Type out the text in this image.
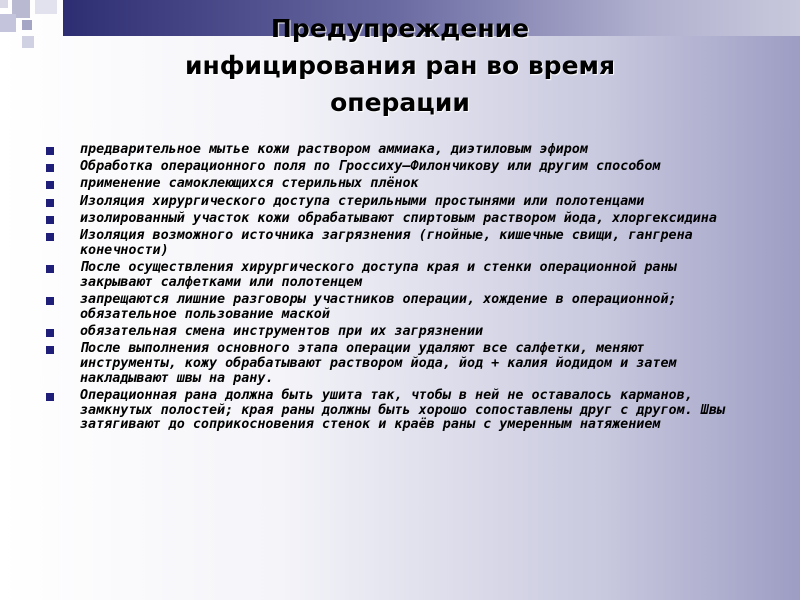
Предупреждение
инфицирования ран во время
операции
предварительное мытье кожи раствором аммиака, диэтиловым эфиром
Обработка операционного поля по Гроссиху—Филончикову или другим способом
применение самоклеющихся стерильных плёнок
Изоляция хирургического доступа стерильными простынями или полотенцами
изолированный участок кожи обрабатывают спиртовым раствором йода, хлоргексидина
Изоляция возможного источника загрязнения (гнойные, кишечные свищи, гангрена конечности)
После осуществления хирургического доступа края и стенки операционной раны закрывают салфетками или полотенцем
запрещаются лишние разговоры участников операции, хождение в операционной; обязательное пользование маской
обязательная смена инструментов при их загрязнении
После выполнения основного этапа операции удаляют все салфетки, меняют инструменты, кожу обрабатывают раствором йода, йод + калия йодидом и затем накладывают швы на рану.
Операционная рана должна быть ушита так, чтобы в ней не оставалось карманов, замкнутых полостей; края раны должны быть хорошо сопоставлены друг с другом. Швы затягивают до соприкосновения стенок и краёв раны с умеренным натяжением
